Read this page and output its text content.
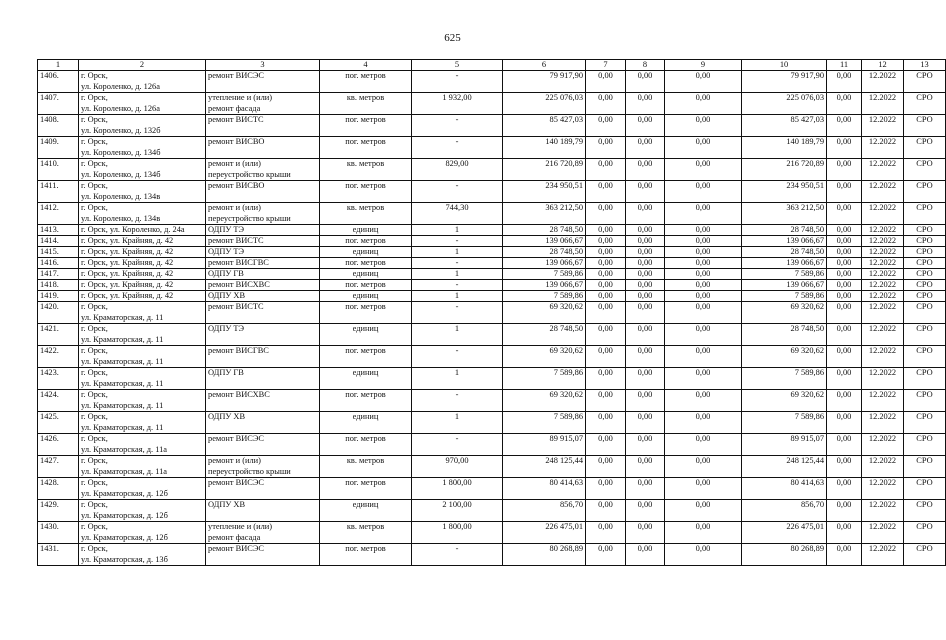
625
1	2	3	4	5	6	7	8	9	10	11	12	13
1406.	г. Орск,
ул. Короленко, д. 126а	ремонт ВИСЭС	пог. метров	-	79 917,90	0,00	0,00	0,00	79 917,90	0,00	12.2022	СРО
1407.	г. Орск,
ул. Короленко, д. 126а	утепление и (или)
ремонт фасада	кв. метров	1 932,00	225 076,03	0,00	0,00	0,00	225 076,03	0,00	12.2022	СРО
1408.	г. Орск,
ул. Короленко, д. 132б	ремонт ВИСТС	пог. метров	-	85 427,03	0,00	0,00	0,00	85 427,03	0,00	12.2022	СРО
1409.	г. Орск,
ул. Короленко, д. 134б	ремонт ВИСВО	пог. метров	-	140 189,79	0,00	0,00	0,00	140 189,79	0,00	12.2022	СРО
1410.	г. Орск,
ул. Короленко, д. 134б	ремонт и (или)
переустройство крыши	кв. метров	829,00	216 720,89	0,00	0,00	0,00	216 720,89	0,00	12.2022	СРО
1411.	г. Орск,
ул. Короленко, д. 134в	ремонт ВИСВО	пог. метров	-	234 950,51	0,00	0,00	0,00	234 950,51	0,00	12.2022	СРО
1412.	г. Орск,
ул. Короленко, д. 134в	ремонт и (или)
переустройство крыши	кв. метров	744,30	363 212,50	0,00	0,00	0,00	363 212,50	0,00	12.2022	СРО
1413.	г. Орск, ул. Короленко, д. 24а	ОДПУ ТЭ	единиц	1	28 748,50	0,00	0,00	0,00	28 748,50	0,00	12.2022	СРО
1414.	г. Орск, ул. Крайняя, д. 42	ремонт ВИСТС	пог. метров	-	139 066,67	0,00	0,00	0,00	139 066,67	0,00	12.2022	СРО
1415.	г. Орск, ул. Крайняя, д. 42	ОДПУ ТЭ	единиц	1	28 748,50	0,00	0,00	0,00	28 748,50	0,00	12.2022	СРО
1416.	г. Орск, ул. Крайняя, д. 42	ремонт ВИСГВС	пог. метров	-	139 066,67	0,00	0,00	0,00	139 066,67	0,00	12.2022	СРО
1417.	г. Орск, ул. Крайняя, д. 42	ОДПУ ГВ	единиц	1	7 589,86	0,00	0,00	0,00	7 589,86	0,00	12.2022	СРО
1418.	г. Орск, ул. Крайняя, д. 42	ремонт ВИСХВС	пог. метров	-	139 066,67	0,00	0,00	0,00	139 066,67	0,00	12.2022	СРО
1419.	г. Орск, ул. Крайняя, д. 42	ОДПУ ХВ	единиц	1	7 589,86	0,00	0,00	0,00	7 589,86	0,00	12.2022	СРО
1420.	г. Орск,
ул. Краматорская, д. 11	ремонт ВИСТС	пог. метров	-	69 320,62	0,00	0,00	0,00	69 320,62	0,00	12.2022	СРО
1421.	г. Орск,
ул. Краматорская, д. 11	ОДПУ ТЭ	единиц	1	28 748,50	0,00	0,00	0,00	28 748,50	0,00	12.2022	СРО
1422.	г. Орск,
ул. Краматорская, д. 11	ремонт ВИСГВС	пог. метров	-	69 320,62	0,00	0,00	0,00	69 320,62	0,00	12.2022	СРО
1423.	г. Орск,
ул. Краматорская, д. 11	ОДПУ ГВ	единиц	1	7 589,86	0,00	0,00	0,00	7 589,86	0,00	12.2022	СРО
1424.	г. Орск,
ул. Краматорская, д. 11	ремонт ВИСХВС	пог. метров	-	69 320,62	0,00	0,00	0,00	69 320,62	0,00	12.2022	СРО
1425.	г. Орск,
ул. Краматорская, д. 11	ОДПУ ХВ	единиц	1	7 589,86	0,00	0,00	0,00	7 589,86	0,00	12.2022	СРО
1426.	г. Орск,
ул. Краматорская, д. 11а	ремонт ВИСЭС	пог. метров	-	89 915,07	0,00	0,00	0,00	89 915,07	0,00	12.2022	СРО
1427.	г. Орск,
ул. Краматорская, д. 11а	ремонт и (или)
переустройство крыши	кв. метров	970,00	248 125,44	0,00	0,00	0,00	248 125,44	0,00	12.2022	СРО
1428.	г. Орск,
ул. Краматорская, д. 12б	ремонт ВИСЭС	пог. метров	1 800,00	80 414,63	0,00	0,00	0,00	80 414,63	0,00	12.2022	СРО
1429.	г. Орск,
ул. Краматорская, д. 12б	ОДПУ ХВ	единиц	2 100,00	856,70	0,00	0,00	0,00	856,70	0,00	12.2022	СРО
1430.	г. Орск,
ул. Краматорская, д. 12б	утепление и (или)
ремонт фасада	кв. метров	1 800,00	226 475,01	0,00	0,00	0,00	226 475,01	0,00	12.2022	СРО
1431.	г. Орск,
ул. Краматорская, д. 13б	ремонт ВИСЭС	пог. метров	-	80 268,89	0,00	0,00	0,00	80 268,89	0,00	12.2022	СРО
